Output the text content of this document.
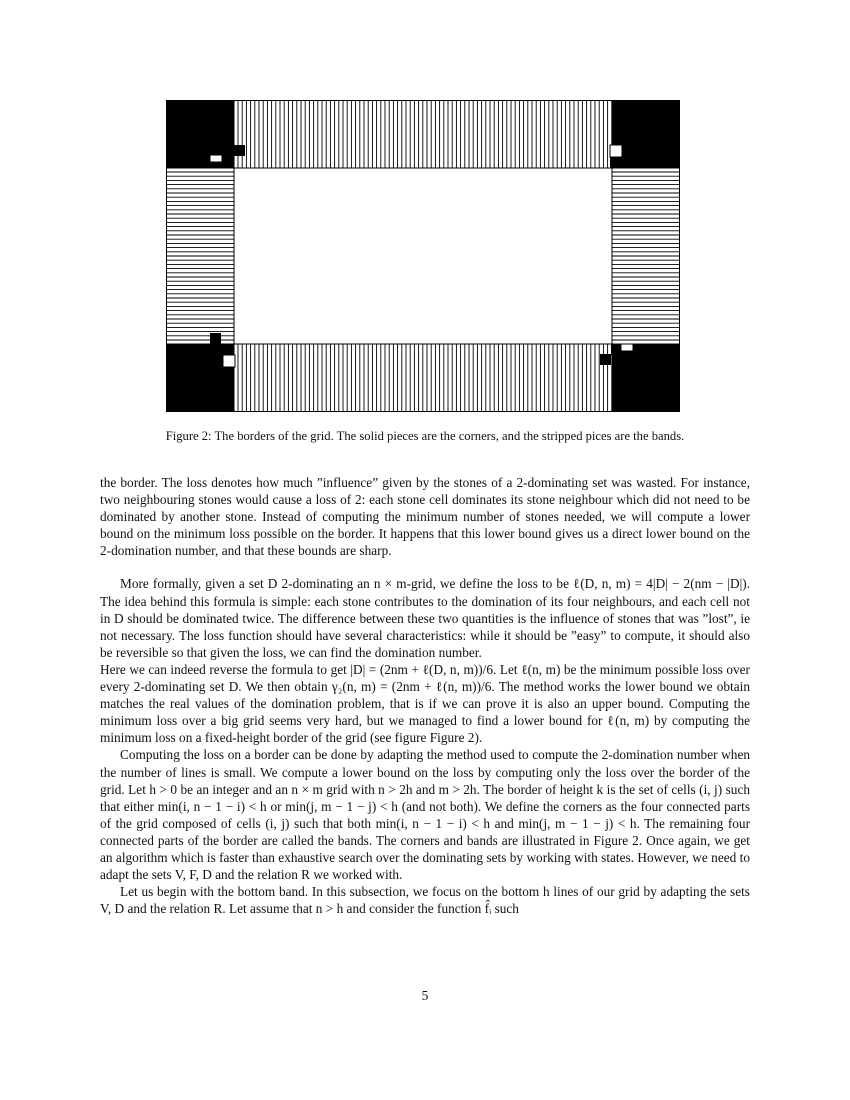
Figure 2: The borders of the grid. The solid pieces are the corners, and the stripped pices are the bands.

the border. The loss denotes how much ”influence” given by the stones of a 2-dominating set was wasted. For instance, two neighbouring stones would cause a loss of 2: each stone cell dominates its stone neighbour which did not need to be dominated by another stone. Instead of computing the minimum number of stones needed, we will compute a lower bound on the minimum loss possible on the border. It happens that this lower bound gives us a direct lower bound on the 2-domination number, and that these bounds are sharp.

More formally, given a set D 2-dominating an n × m-grid, we define the loss to be ℓ(D, n, m) = 4|D| − 2(nm − |D|). The idea behind this formula is simple: each stone contributes to the domination of its four neighbours, and each cell not in D should be dominated twice. The difference between these two quantities is the influence of stones that was ”lost”, ie not necessary. The loss function should have several characteristics: while it should be ”easy” to compute, it should also be reversible so that given the loss, we can find the domination number.

Here we can indeed reverse the formula to get |D| = (2nm + ℓ(D, n, m))/6. Let ℓ(n, m) be the minimum possible loss over every 2-dominating set D. We then obtain γ₂(n, m) = (2nm + ℓ(n, m))/6. The method works the lower bound we obtain matches the real values of the domination problem, that is if we can prove it is also an upper bound. Computing the minimum loss over a big grid seems very hard, but we managed to find a lower bound for ℓ(n, m) by computing the minimum loss on a fixed-height border of the grid (see figure Figure 2).

Computing the loss on a border can be done by adapting the method used to compute the 2-domination number when the number of lines is small. We compute a lower bound on the loss by computing only the loss over the border of the grid. Let h > 0 be an integer and an n × m grid with n > 2h and m > 2h. The border of height k is the set of cells (i, j) such that either min(i, n − 1 − i) < h or min(j, m − 1 − j) < h (and not both). We define the corners as the four connected parts of the grid composed of cells (i, j) such that both min(i, n − 1 − i) < h and min(j, m − 1 − j) < h. The remaining four connected parts of the border are called the bands. The corners and bands are illustrated in Figure 2. Once again, we get an algorithm which is faster than exhaustive search over the dominating sets by working with states. However, we need to adapt the sets V, F, D and the relation R we worked with.

Let us begin with the bottom band. In this subsection, we focus on the bottom h lines of our grid by adapting the sets V, D and the relation R. Let assume that n > h and consider the function f̂ᵢ such

5
